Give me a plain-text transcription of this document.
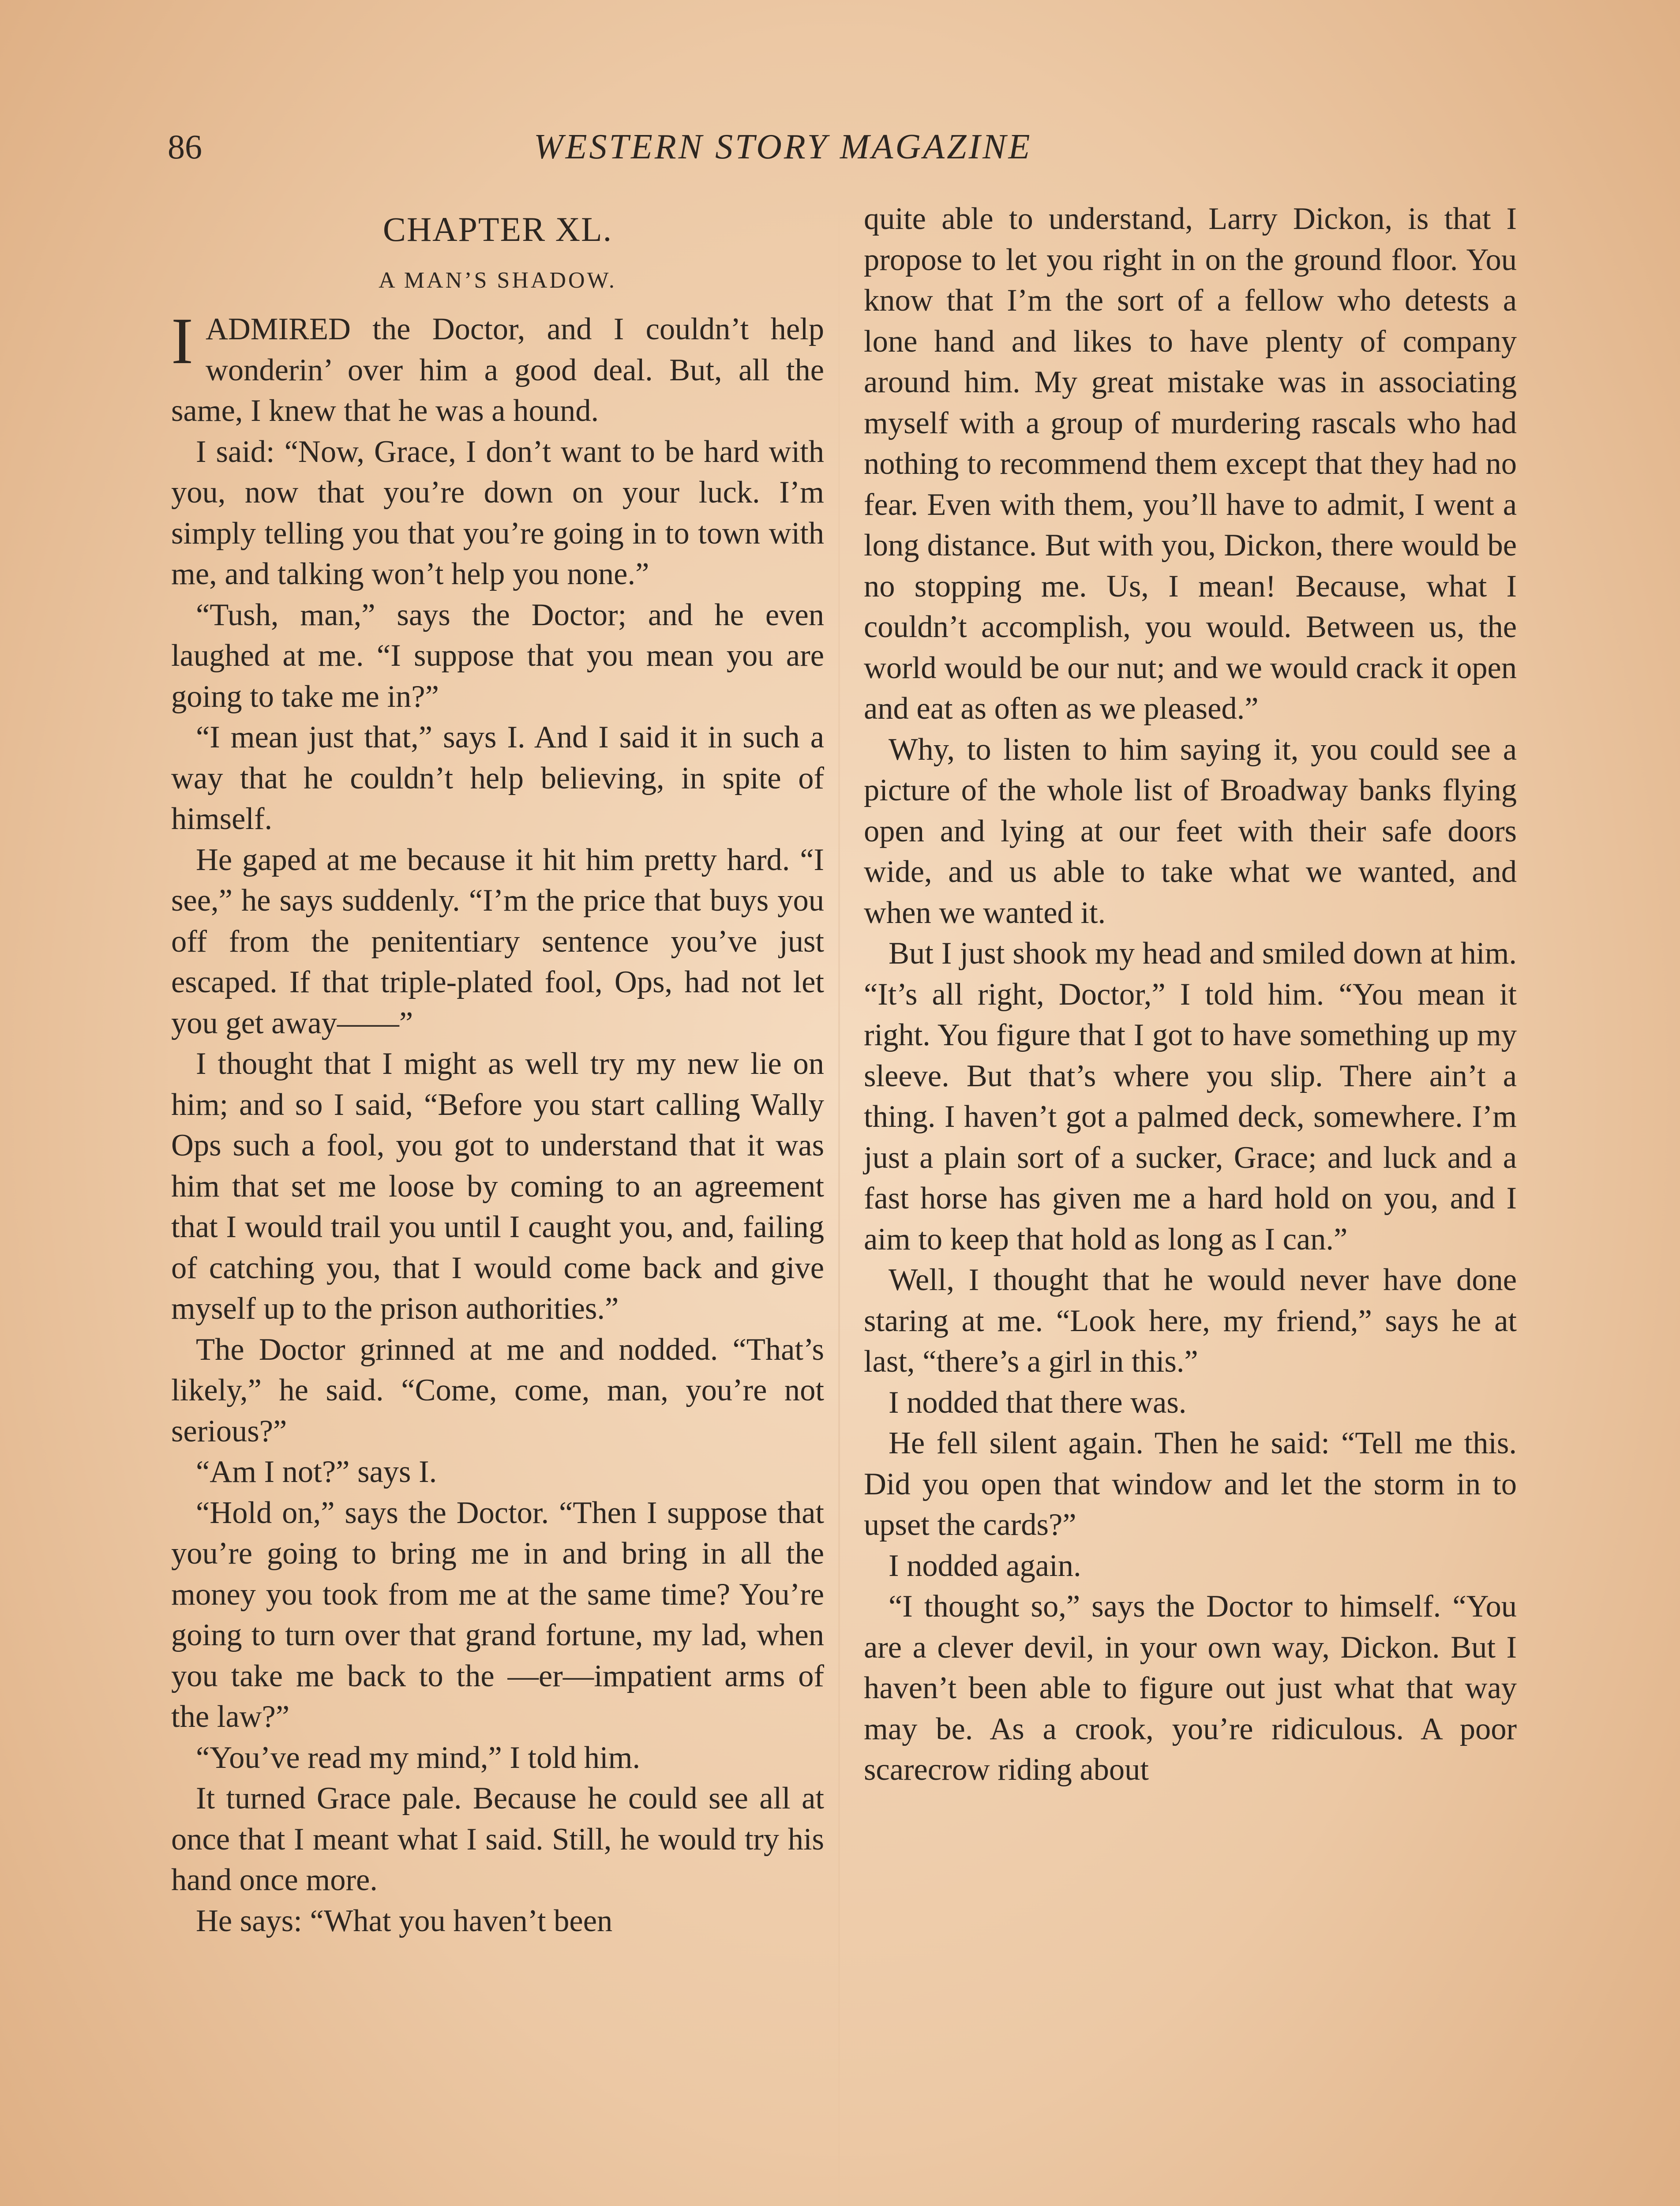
86	WESTERN STORY MAGAZINE
CHAPTER XL.
A MAN’S SHADOW.

IADMIRED the Doctor, and I couldn’t help wonderin’ over him a good deal. But, all the same, I knew that he was a hound.

I said: “Now, Grace, I don’t want to be hard with you, now that you’re down on your luck. I’m simply telling you that you’re going in to town with me, and talking won’t help you none.”

“Tush, man,” says the Doctor; and he even laughed at me. “I suppose that you mean you are going to take me in?”

“I mean just that,” says I. And I said it in such a way that he couldn’t help believing, in spite of himself.

He gaped at me because it hit him pretty hard. “I see,” he says suddenly. “I’m the price that buys you off from the penitentiary sentence you’ve just escaped. If that triple-plated fool, Ops, had not let you get away——”

I thought that I might as well try my new lie on him; and so I said, “Before you start calling Wally Ops such a fool, you got to understand that it was him that set me loose by coming to an agreement that I would trail you until I caught you, and, failing of catching you, that I would come back and give myself up to the prison authorities.”

The Doctor grinned at me and nodded. “That’s likely,” he said. “Come, come, man, you’re not serious?”

“Am I not?” says I.

“Hold on,” says the Doctor. “Then I suppose that you’re going to bring me in and bring in all the money you took from me at the same time? You’re going to turn over that grand fortune, my lad, when you take me back to the —er—impatient arms of the law?”

“You’ve read my mind,” I told him.

It turned Grace pale. Because he could see all at once that I meant what I said. Still, he would try his hand once more.

He says: “What you haven’t been

quite able to understand, Larry Dickon, is that I propose to let you right in on the ground floor. You know that I’m the sort of a fellow who detests a lone hand and likes to have plenty of company around him. My great mistake was in associating myself with a group of murdering rascals who had nothing to recommend them except that they had no fear. Even with them, you’ll have to admit, I went a long distance. But with you, Dickon, there would be no stopping me. Us, I mean! Because, what I couldn’t accomplish, you would. Between us, the world would be our nut; and we would crack it open and eat as often as we pleased.”

Why, to listen to him saying it, you could see a picture of the whole list of Broadway banks flying open and lying at our feet with their safe doors wide, and us able to take what we wanted, and when we wanted it.

But I just shook my head and smiled down at him. “It’s all right, Doctor,” I told him. “You mean it right. You figure that I got to have something up my sleeve. But that’s where you slip. There ain’t a thing. I haven’t got a palmed deck, somewhere. I’m just a plain sort of a sucker, Grace; and luck and a fast horse has given me a hard hold on you, and I aim to keep that hold as long as I can.”

Well, I thought that he would never have done staring at me. “Look here, my friend,” says he at last, “there’s a girl in this.”

I nodded that there was.

He fell silent again. Then he said: “Tell me this. Did you open that window and let the storm in to upset the cards?”

I nodded again.

“I thought so,” says the Doctor to himself. “You are a clever devil, in your own way, Dickon. But I haven’t been able to figure out just what that way may be. As a crook, you’re ridiculous. A poor scarecrow riding about
